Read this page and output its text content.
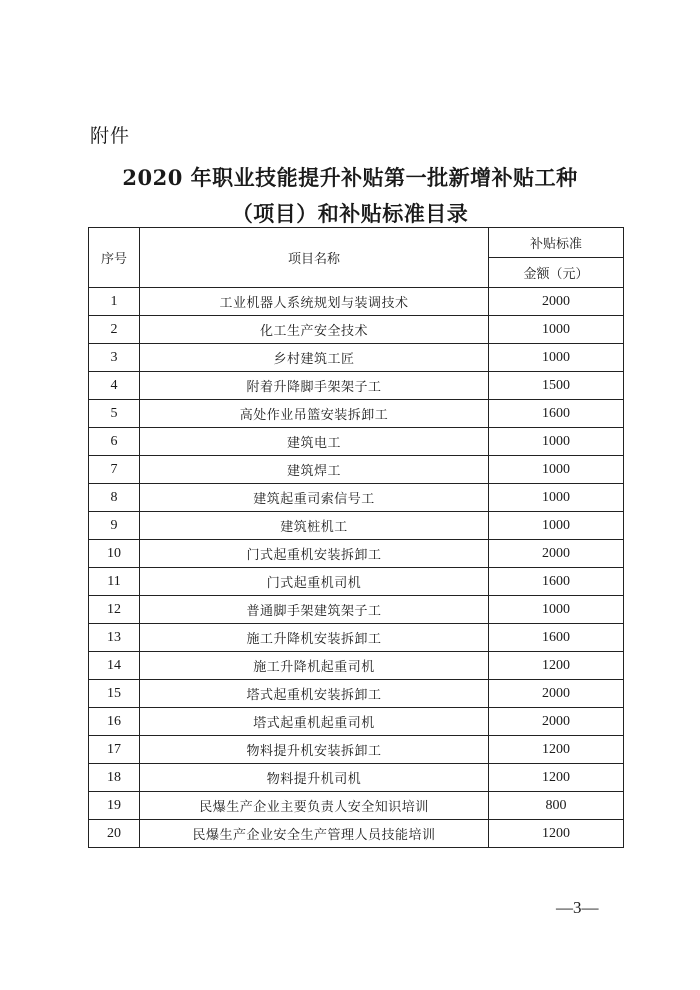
附件
2020 年职业技能提升补贴第一批新增补贴工种
（项目）和补贴标准目录
序号	项目名称	补贴标准
		金额（元）
1	工业机器人系统规划与装调技术	2000
2	化工生产安全技术	1000
3	乡村建筑工匠	1000
4	附着升降脚手架架子工	1500
5	高处作业吊篮安装拆卸工	1600
6	建筑电工	1000
7	建筑焊工	1000
8	建筑起重司索信号工	1000
9	建筑桩机工	1000
10	门式起重机安装拆卸工	2000
11	门式起重机司机	1600
12	普通脚手架建筑架子工	1000
13	施工升降机安装拆卸工	1600
14	施工升降机起重司机	1200
15	塔式起重机安装拆卸工	2000
16	塔式起重机起重司机	2000
17	物料提升机安装拆卸工	1200
18	物料提升机司机	1200
19	民爆生产企业主要负责人安全知识培训	800
20	民爆生产企业安全生产管理人员技能培训	1200
—3—
